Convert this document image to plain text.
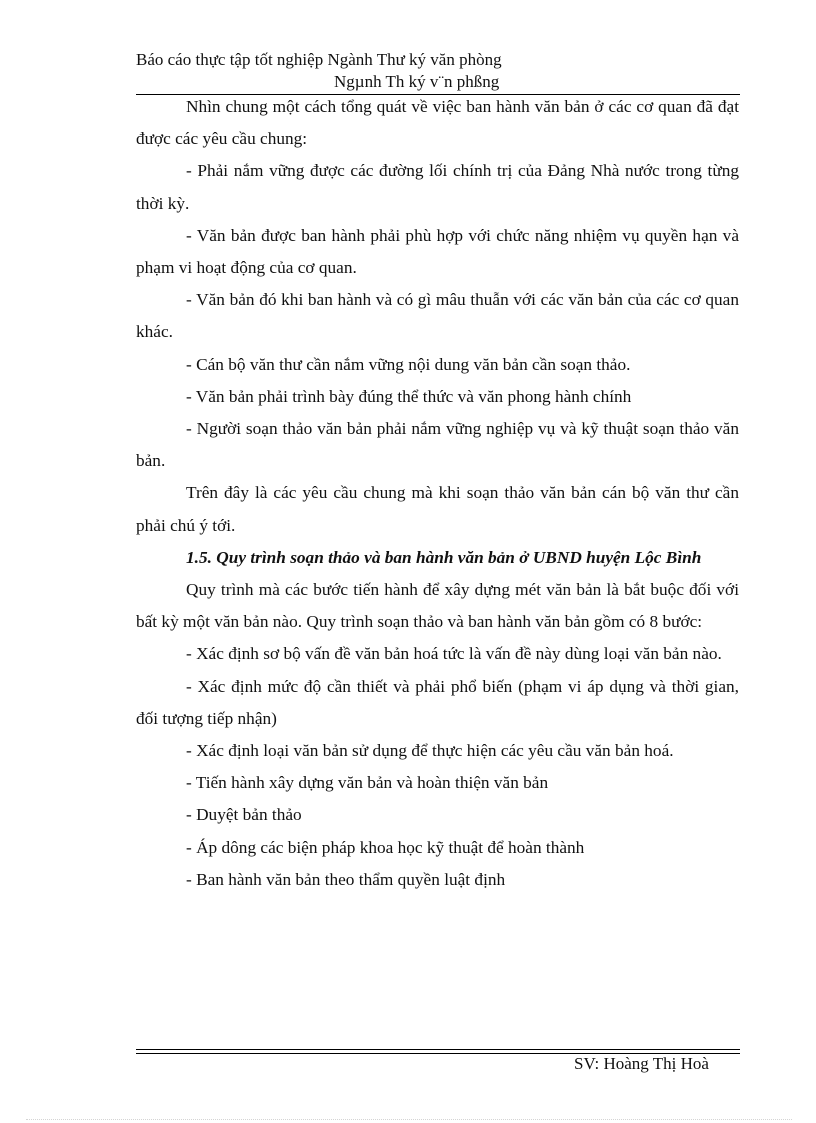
Báo cáo thực tập tốt nghiệp Ngành Thư ký văn phòng
Ngµnh Th ký v¨n phßng

Nhìn chung một cách tổng quát về việc ban hành văn bản ở các cơ quan đã đạt được các yêu cầu chung:

- Phải nắm vững được các đường lối chính trị của Đảng Nhà nước trong từng thời kỳ.

- Văn bản được ban hành phải phù hợp với chức năng nhiệm vụ quyền hạn và phạm vi hoạt động của cơ quan.

- Văn bản đó khi ban hành và có gì mâu thuẫn với các văn bản của các cơ quan khác.

- Cán bộ văn thư cần nắm vững nội dung văn bản cần soạn thảo.

- Văn bản phải trình bày đúng thể thức và văn phong hành chính

- Người soạn thảo văn bản phải nắm vững nghiệp vụ và kỹ thuật soạn thảo văn bản.

Trên đây là các yêu cầu chung mà khi soạn thảo văn bản cán bộ văn thư cần phải chú ý tới.

1.5. Quy trình soạn thảo và ban hành văn bản ở UBND huyện Lộc Bình

Quy trình mà các bước tiến hành để xây dựng mét văn bản là bắt buộc đối với bất kỳ một văn bản nào. Quy trình soạn thảo và ban hành văn bản gồm có 8 bước:

- Xác định sơ bộ vấn đề văn bản hoá tức là vấn đề này dùng loại văn bản nào.

- Xác định mức độ cần thiết và phải phổ biến (phạm vi áp dụng và thời gian, đối tượng tiếp nhận)

- Xác định loại văn bản sử dụng để thực hiện các yêu cầu văn bản hoá.

- Tiến hành xây dựng văn bản và hoàn thiện văn bản

- Duyệt bản thảo

- Áp dông các biện pháp khoa học kỹ thuật để hoàn thành

- Ban hành văn bản theo thẩm quyền luật định

SV: Hoàng Thị Hoà
